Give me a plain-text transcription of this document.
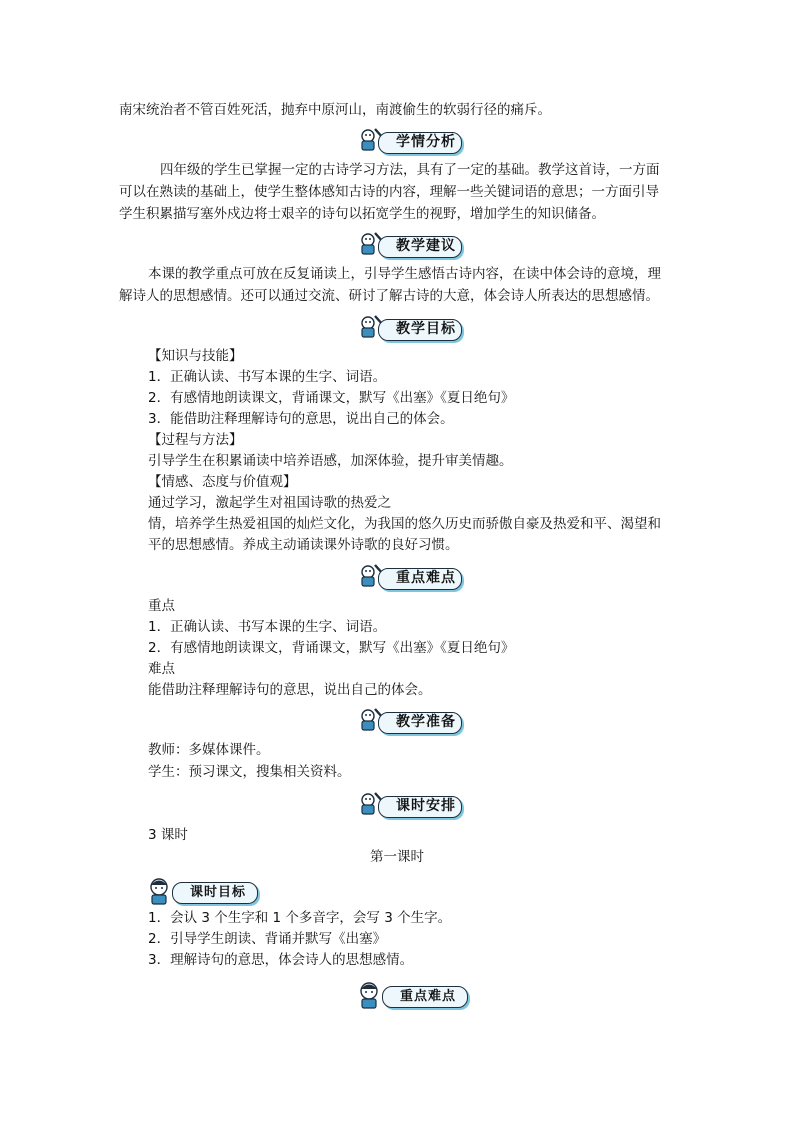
南宋统治者不管百姓死活，抛弃中原河山，南渡偷生的软弱行径的痛斥。
学情分析
四年级的学生已掌握一定的古诗学习方法，具有了一定的基础。教学这首诗，一方面
可以在熟读的基础上，使学生整体感知古诗的内容，理解一些关键词语的意思；一方面引导
学生积累描写塞外戍边将士艰辛的诗句以拓宽学生的视野，增加学生的知识储备。
教学建议
本课的教学重点可放在反复诵读上，引导学生感悟古诗内容，在读中体会诗的意境，理
解诗人的思想感情。还可以通过交流、研讨了解古诗的大意，体会诗人所表达的思想感情。
教学目标
【知识与技能】
1．正确认读、书写本课的生字、词语。
2．有感情地朗读课文，背诵课文，默写《出塞》《夏日绝句》
3．能借助注释理解诗句的意思，说出自己的体会。
【过程与方法】
引导学生在积累诵读中培养语感，加深体验，提升审美情趣。
【情感、态度与价值观】
通过学习，激起学生对祖国诗歌的热爱之
情，培养学生热爱祖国的灿烂文化，为我国的悠久历史而骄傲自豪及热爱和平、渴望和
平的思想感情。养成主动诵读课外诗歌的良好习惯。
重点难点
重点
1．正确认读、书写本课的生字、词语。
2．有感情地朗读课文，背诵课文，默写《出塞》《夏日绝句》
难点
能借助注释理解诗句的意思，说出自己的体会。
教学准备
教师：多媒体课件。
学生：预习课文，搜集相关资料。
课时安排
3 课时
第一课时
课时目标
1．会认 3 个生字和 1 个多音字，会写 3 个生字。
2．引导学生朗读、背诵并默写《出塞》
3．理解诗句的意思，体会诗人的思想感情。
重点难点
